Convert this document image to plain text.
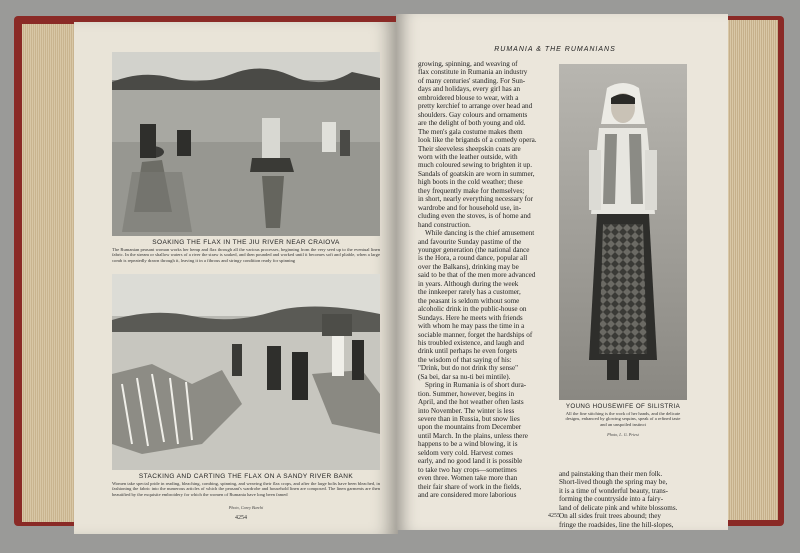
SOAKING THE FLAX IN THE JIU RIVER NEAR CRAIOVA
The Rumanian peasant woman works her hemp and flax through all the various processes, beginning from the very seed up to the eventual linen fabric. In the stream or shallow waters of a river the straw is soaked, and then pounded and worked until it becomes soft and pliable, when a large comb is repeatedly drawn through it, leaving it in a fibrous and stringy condition ready for spinning
STACKING AND CARTING THE FLAX ON A SANDY RIVER BANK
Women take special pride in reading, bleaching, combing, spinning, and weaving their flax crops, and after the large bolts have been bleached, in fashioning the fabric into the numerous articles of which the peasant's wardrobe and household linen are composed. The linen garments are then beautified by the exquisite embroidery for which the women of Rumania have long been famed
Photo, Carey Burchi
4254
RUMANIA & THE RUMANIANS
growing, spinning, and weaving of
flax constitute in Rumania an industry
of many centuries' standing. For Sun-
days and holidays, every girl has an
embroidered blouse to wear, with a
pretty kerchief to arrange over head and
shoulders. Gay colours and ornaments
are the delight of both young and old.
The men's gala costume makes them
look like the brigands of a comedy opera.
Their sleeveless sheepskin coats are
worn with the leather outside, with
much coloured sewing to brighten it up.
Sandals of goatskin are worn in summer,
high boots in the cold weather; these
they frequently make for themselves;
in short, nearly everything necessary for
wardrobe and for household use, in-
cluding even the stoves, is of home and
hand construction.
While dancing is the chief amusement
and favourite Sunday pastime of the
younger generation (the national dance
is the Hora, a round dance, popular all
over the Balkans), drinking may be
said to be that of the men more advanced
in years. Although during the week
the innkeeper rarely has a customer,
the peasant is seldom without some
alcoholic drink in the public-house on
Sundays. Here he meets with friends
with whom he may pass the time in a
sociable manner, forget the hardships of
his troubled existence, and laugh and
drink until perhaps he even forgets
the wisdom of that saying of his:
"Drink, but do not drink thy sense"
(Sa bei, dar sa nu-ti bei mintile).
Spring in Rumania is of short dura-
tion. Summer, however, begins in
April, and the hot weather often lasts
into November. The winter is less
severe than in Russia, but snow lies
upon the mountains from December
until March. In the plains, unless there
happens to be a wind blowing, it is
seldom very cold. Harvest comes
early, and no good land it is possible
to take two hay crops—sometimes
even three. Women take more than
their fair share of work in the fields,
and are considered more laborious
YOUNG HOUSEWIFE OF SILISTRIA
All the fine stitching is the work of her hands, and the delicate designs, enhanced by glowing sequins, speak of a refined taste and an unspoiled instinct
Photo, L. G. Priest
and painstaking than their men folk.
Short-lived though the spring may be,
it is a time of wonderful beauty, trans-
forming the countryside into a fairy-
land of delicate pink and white blossoms.
On all sides fruit trees abound; they
fringe the roadsides, line the hill-slopes,
4255
